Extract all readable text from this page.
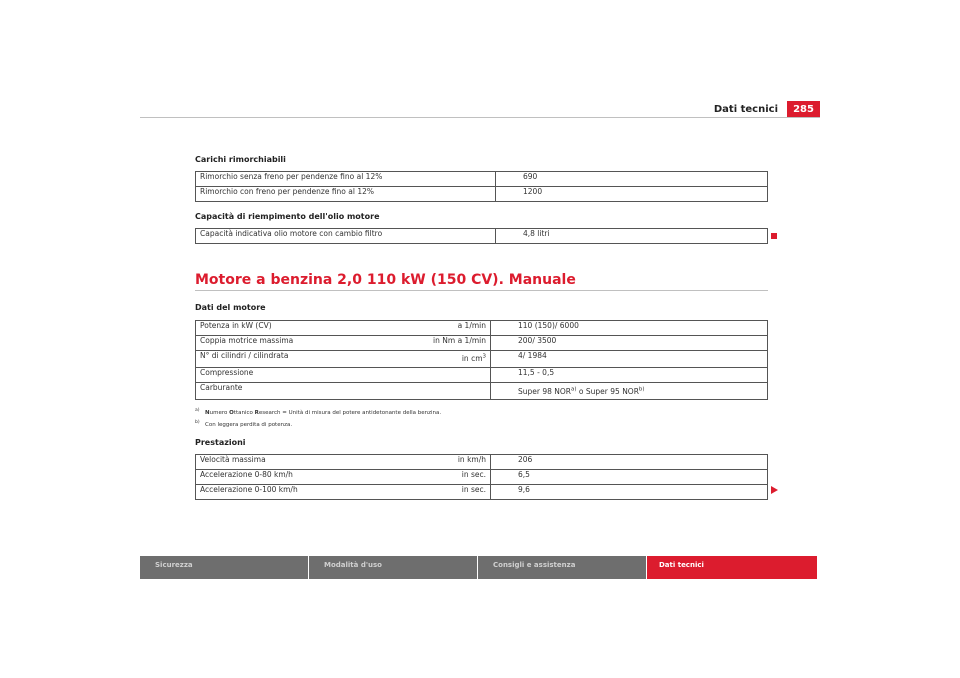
Dati tecnici	285
Carichi rimorchiabili
Rimorchio senza freno per pendenze fino al 12%	690
Rimorchio con freno per pendenze fino al 12%	1200
Capacità di riempimento dell'olio motore
Capacità indicativa olio motore con cambio filtro	4,8 litri
Motore a benzina 2,0 110 kW (150 CV). Manuale
Dati del motore
Potenza in kW (CV)	a 1/min	110 (150)/ 6000
Coppia motrice massima	in Nm a 1/min	200/ 3500
N° di cilindri / cilindrata	in $cm^3$	4/ 1984
Compressione		11,5 - 0,5
Carburante		Super 98 NOR$^{a)}$ o Super 95 NOR$^{b)}$
a) Numero Ottanico Research = Unità di misura del potere antidetonante della benzina.
b) Con leggera perdita di potenza.
Prestazioni
Velocità massima	in km/h	206
Accelerazione 0-80 km/h	in sec.	6,5
Accelerazione 0-100 km/h	in sec.	9,6
Sicurezza	Modalità d'uso	Consigli e assistenza	Dati tecnici
